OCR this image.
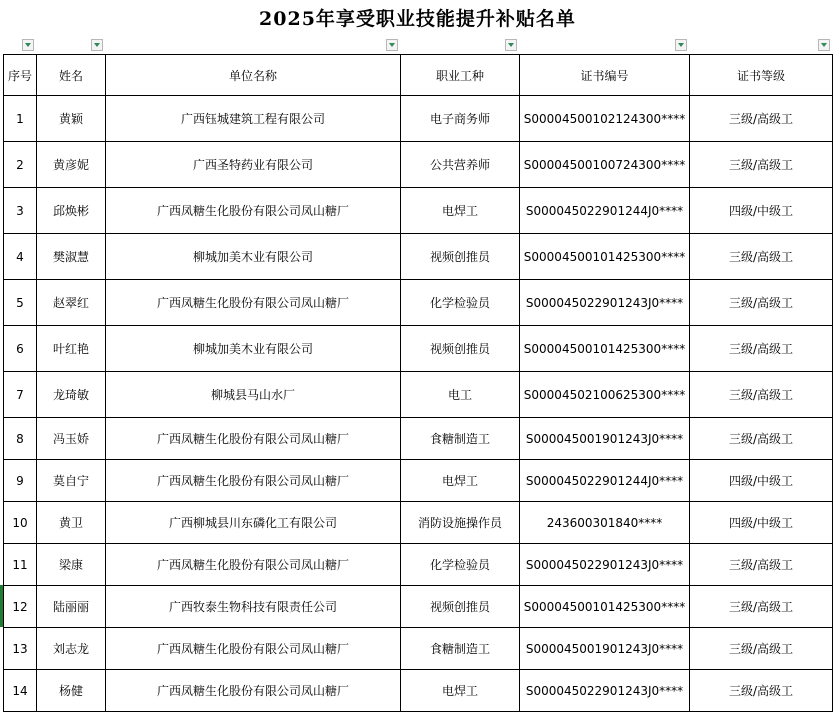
2025年享受职业技能提升补贴名单
序号	姓名	单位名称	职业工种	证书编号	证书等级
1	黄颖	广西钰城建筑工程有限公司	电子商务师	S00004500102124300****	三级/高级工
2	黄彦妮	广西圣特药业有限公司	公共营养师	S00004500100724300****	三级/高级工
3	邱焕彬	广西凤糖生化股份有限公司凤山糖厂	电焊工	S000045022901244J0****	四级/中级工
4	樊淑慧	柳城加美木业有限公司	视频创推员	S00004500101425300****	三级/高级工
5	赵翠红	广西凤糖生化股份有限公司凤山糖厂	化学检验员	S000045022901243J0****	三级/高级工
6	叶红艳	柳城加美木业有限公司	视频创推员	S00004500101425300****	三级/高级工
7	龙琦敏	柳城县马山水厂	电工	S00004502100625300****	三级/高级工
8	冯玉娇	广西凤糖生化股份有限公司凤山糖厂	食糖制造工	S000045001901243J0****	三级/高级工
9	莫自宁	广西凤糖生化股份有限公司凤山糖厂	电焊工	S000045022901244J0****	四级/中级工
10	黄卫	广西柳城县川东磷化工有限公司	消防设施操作员	243600301840****	四级/中级工
11	梁康	广西凤糖生化股份有限公司凤山糖厂	化学检验员	S000045022901243J0****	三级/高级工
12	陆丽丽	广西牧泰生物科技有限责任公司	视频创推员	S00004500101425300****	三级/高级工
13	刘志龙	广西凤糖生化股份有限公司凤山糖厂	食糖制造工	S000045001901243J0****	三级/高级工
14	杨健	广西凤糖生化股份有限公司凤山糖厂	电焊工	S000045022901243J0****	三级/高级工
